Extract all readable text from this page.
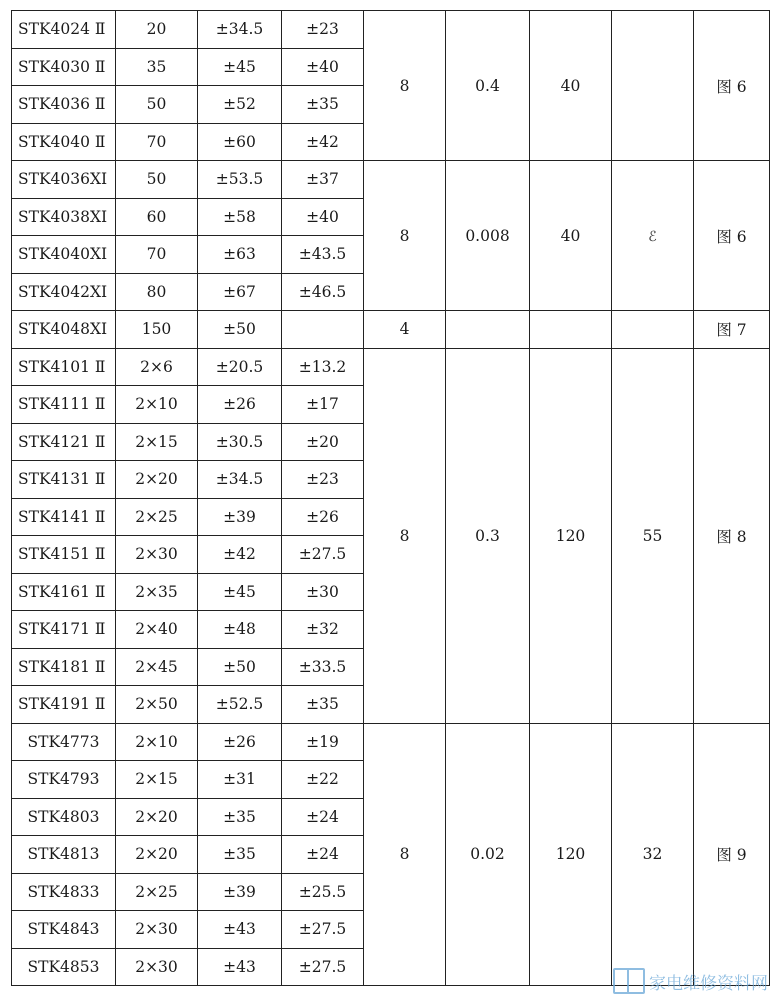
STK4024 Ⅱ	20	±34.5	±23	8	0.4	40		图 6
STK4030 Ⅱ	35	±45	±40					
STK4036 Ⅱ	50	±52	±35					
STK4040 Ⅱ	70	±60	±42					
STK4036XI	50	±53.5	±37	8	0.008	40	ℰ	图 6
STK4038XI	60	±58	±40					
STK4040XI	70	±63	±43.5					
STK4042XI	80	±67	±46.5					
STK4048XI	150	±50		4				图 7
STK4101 Ⅱ	2×6	±20.5	±13.2	8	0.3	120	55	图 8
STK4111 Ⅱ	2×10	±26	±17					
STK4121 Ⅱ	2×15	±30.5	±20					
STK4131 Ⅱ	2×20	±34.5	±23					
STK4141 Ⅱ	2×25	±39	±26					
STK4151 Ⅱ	2×30	±42	±27.5					
STK4161 Ⅱ	2×35	±45	±30					
STK4171 Ⅱ	2×40	±48	±32					
STK4181 Ⅱ	2×45	±50	±33.5					
STK4191 Ⅱ	2×50	±52.5	±35					
STK4773	2×10	±26	±19	8	0.02	120	32	图 9
STK4793	2×15	±31	±22					
STK4803	2×20	±35	±24					
STK4813	2×20	±35	±24					
STK4833	2×25	±39	±25.5					
STK4843	2×30	±43	±27.5					
STK4853	2×30	±43	±27.5					
家电维修资料网
